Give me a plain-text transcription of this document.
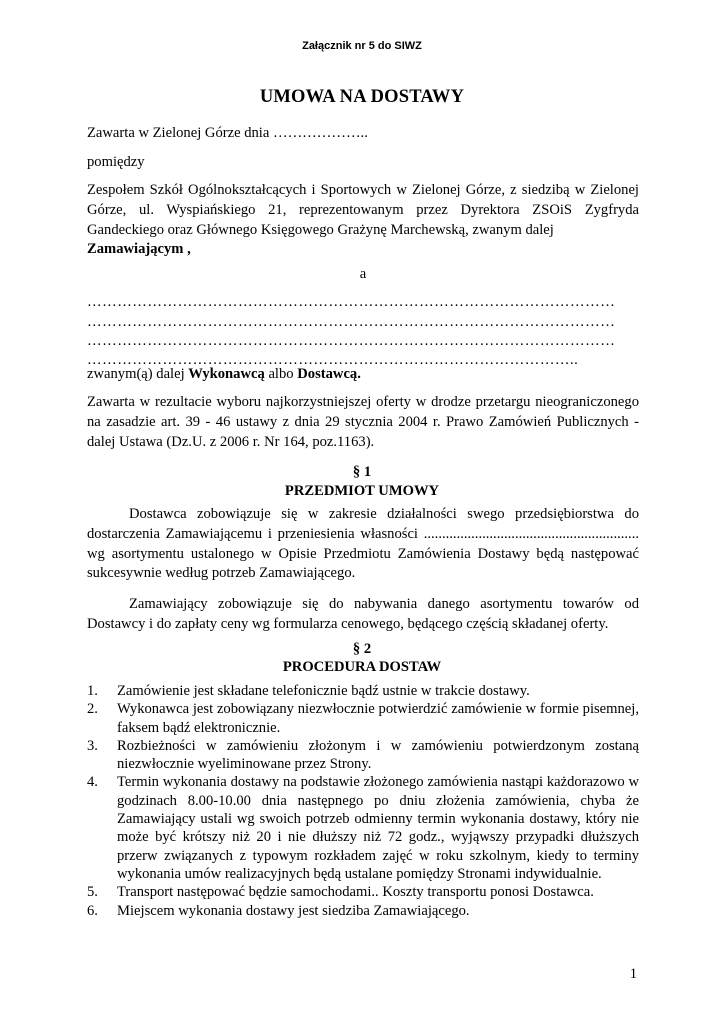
Załącznik nr 5 do SIWZ
UMOWA NA DOSTAWY

Zawarta w Zielonej Górze dnia ………………..

pomiędzy

Zespołem Szkół Ogólnokształcących i Sportowych w Zielonej Górze, z siedzibą w Zielonej Górze, ul. Wyspiańskiego 21, reprezentowanym przez Dyrektora ZSOiS Zygfryda Gandeckiego oraz Głównego Księgowego Grażynę Marchewską, zwanym dalej
Zamawiającym ,

a

……………………………………………………………………………………………
……………………………………………………………………………………………
……………………………………………………………………………………………
……………………………………………………………………………………..

zwanym(ą) dalej Wykonawcą albo Dostawcą.

Zawarta w rezultacie wyboru najkorzystniejszej oferty w drodze przetargu nieograniczonego na zasadzie art. 39 - 46 ustawy z dnia 29 stycznia 2004 r. Prawo Zamówień Publicznych - dalej Ustawa (Dz.U. z 2006 r. Nr 164, poz.1163).

§ 1
PRZEDMIOT UMOWY

Dostawca zobowiązuje się w zakresie działalności swego przedsiębiorstwa do dostarczenia Zamawiającemu i przeniesienia własności ........................................................... wg asortymentu ustalonego w Opisie Przedmiotu Zamówienia Dostawy będą następować sukcesywnie według potrzeb Zamawiającego.

Zamawiający zobowiązuje się do nabywania danego asortymentu towarów od Dostawcy i do zapłaty ceny wg formularza cenowego, będącego częścią składanej oferty.

§ 2
PROCEDURA DOSTAW
1. Zamówienie jest składane telefonicznie bądź ustnie w trakcie dostawy.
2. Wykonawca jest zobowiązany niezwłocznie potwierdzić zamówienie w formie pisemnej, faksem bądź elektronicznie.
3. Rozbieżności w zamówieniu złożonym i w zamówieniu potwierdzonym zostaną niezwłocznie wyeliminowane przez Strony.
4. Termin wykonania dostawy na podstawie złożonego zamówienia nastąpi każdorazowo w godzinach 8.00-10.00 dnia następnego po dniu złożenia zamówienia, chyba że Zamawiający ustali wg swoich potrzeb odmienny termin wykonania dostawy, który nie może być krótszy niż 20 i nie dłuższy niż 72 godz., wyjąwszy przypadki dłuższych przerw związanych z typowym rozkładem zajęć w roku szkolnym, kiedy to terminy wykonania umów realizacyjnych będą ustalane pomiędzy Stronami indywidualnie.
5. Transport następować będzie samochodami.. Koszty transportu ponosi Dostawca.
6. Miejscem wykonania dostawy jest siedziba Zamawiającego.
1
